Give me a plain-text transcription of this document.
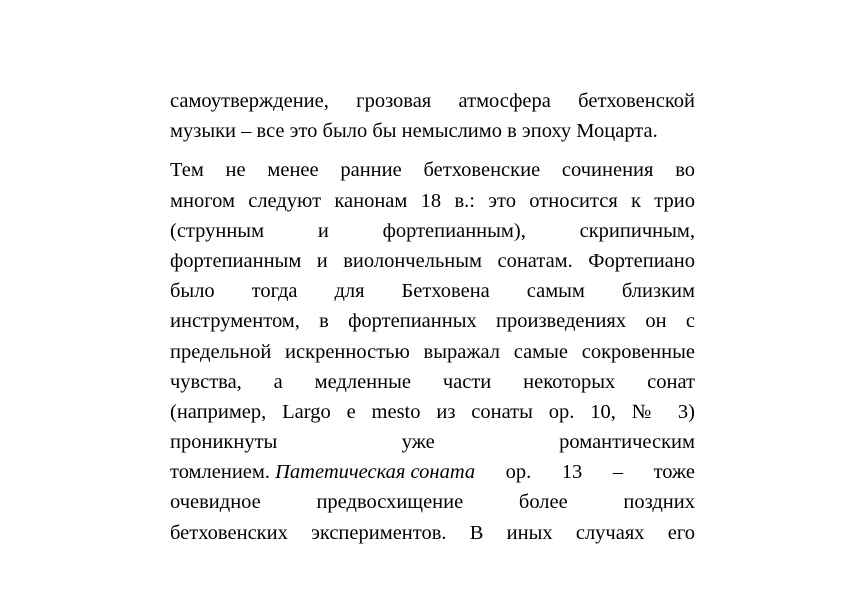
самоутверждение, грозовая атмосфера бетховенской
музыки – все это было бы немыслимо в эпоху Моцарта.
Тем не менее ранние бетховенские сочинения во
многом следуют канонам 18 в.: это относится к трио
(струнным и фортепианным), скрипичным,
фортепианным и виолончельным сонатам. Фортепиано
было тогда для Бетховена самым близким
инструментом, в фортепианных произведениях он с
предельной искренностью выражал самые сокровенные
чувства, а медленные части некоторых сонат
(например, Largo e mesto из сонаты op. 10, № 3)
проникнуты уже романтическим
томлением. Патетическая соната ор. 13 – тоже
очевидное предвосхищение более поздних
бетховенских экспериментов. В иных случаях его
